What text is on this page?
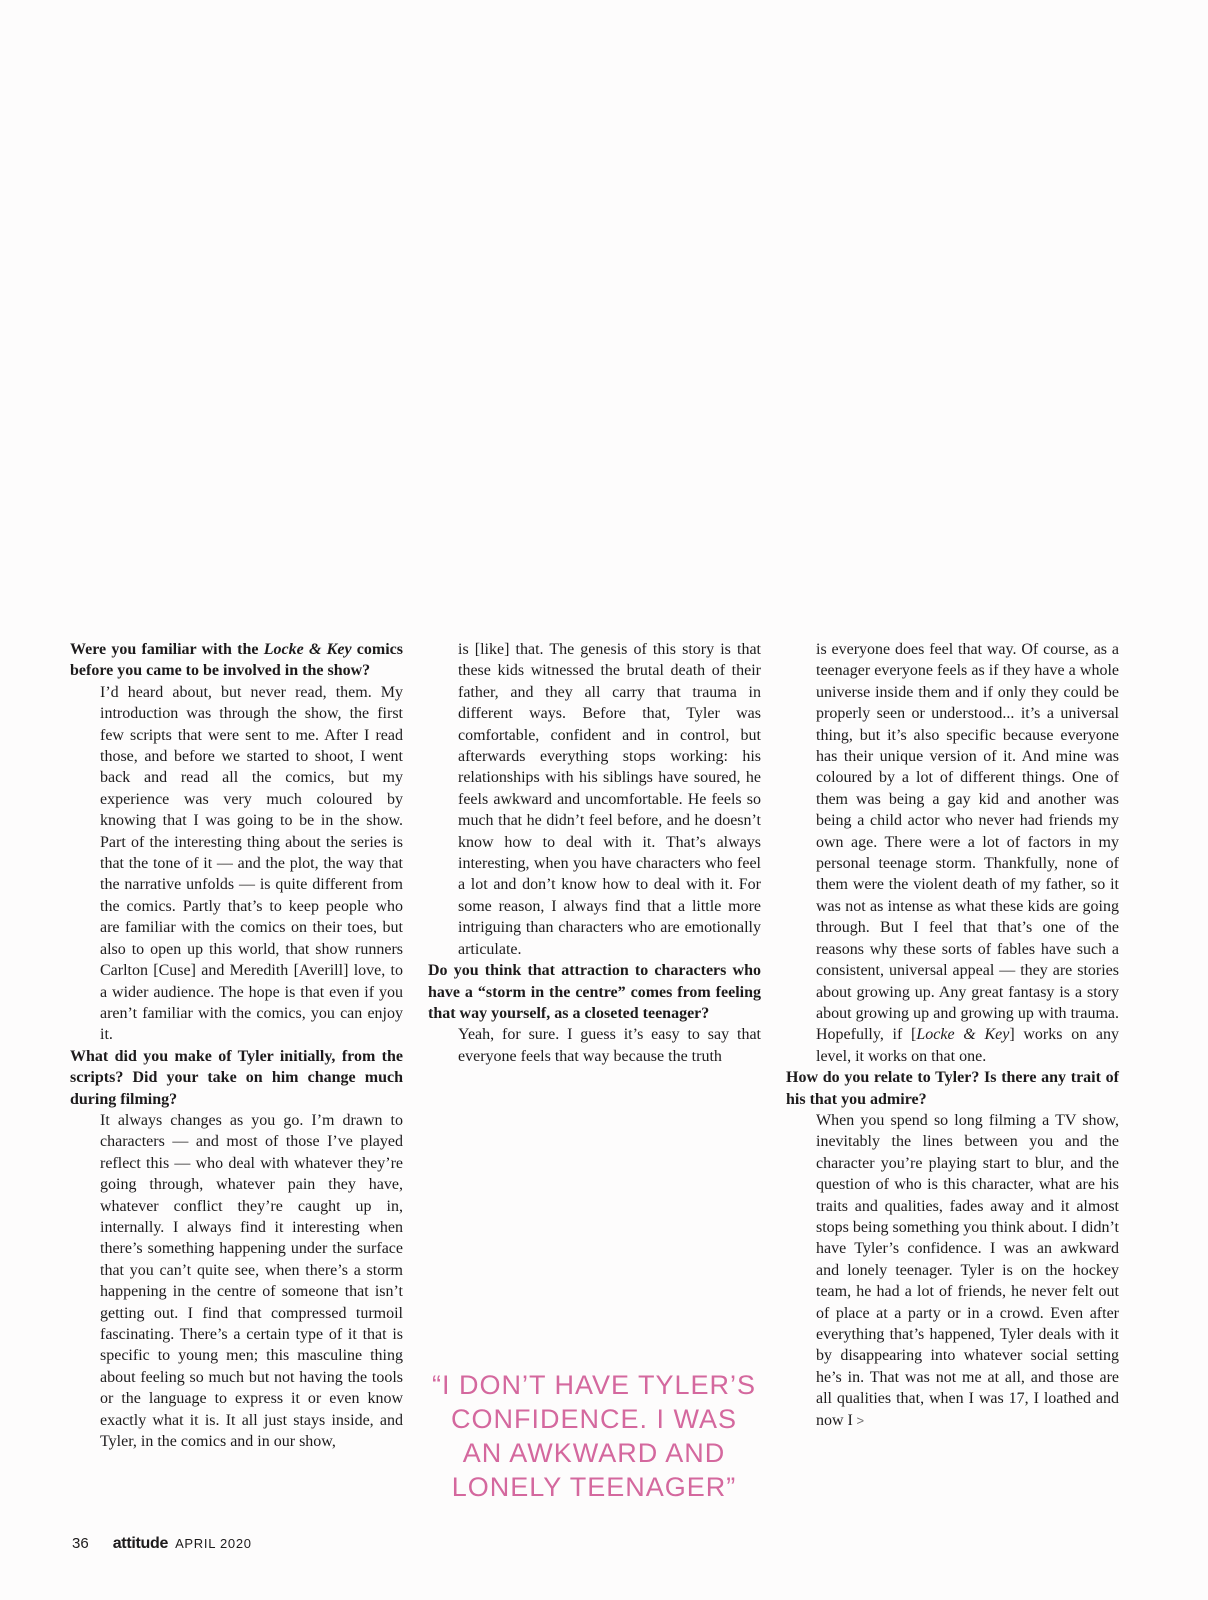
Were you familiar with the Locke & Key comics before you came to be involved in the show?

I’d heard about, but never read, them. My introduction was through the show, the first few scripts that were sent to me. After I read those, and before we started to shoot, I went back and read all the comics, but my experience was very much coloured by knowing that I was going to be in the show. Part of the interesting thing about the series is that the tone of it — and the plot, the way that the narrative unfolds — is quite different from the comics. Partly that’s to keep people who are familiar with the comics on their toes, but also to open up this world, that show runners Carlton [Cuse] and Meredith [Averill] love, to a wider audience. The hope is that even if you aren’t familiar with the comics, you can enjoy it.

What did you make of Tyler initially, from the scripts? Did your take on him change much during filming?

It always changes as you go. I’m drawn to characters — and most of those I’ve played reflect this — who deal with whatever they’re going through, whatever pain they have, whatever conflict they’re caught up in, internally. I always find it interesting when there’s something happening under the surface that you can’t quite see, when there’s a storm happening in the centre of someone that isn’t getting out. I find that compressed turmoil fascinating. There’s a certain type of it that is specific to young men; this masculine thing about feeling so much but not having the tools or the language to express it or even know exactly what it is. It all just stays inside, and Tyler, in the comics and in our show,

is [like] that. The genesis of this story is that these kids witnessed the brutal death of their father, and they all carry that trauma in different ways. Before that, Tyler was comfortable, confident and in control, but afterwards everything stops working: his relationships with his siblings have soured, he feels awkward and uncomfortable. He feels so much that he didn’t feel before, and he doesn’t know how to deal with it. That’s always interesting, when you have characters who feel a lot and don’t know how to deal with it. For some reason, I always find that a little more intriguing than characters who are emotionally articulate.

Do you think that attraction to characters who have a “storm in the centre” comes from feeling that way yourself, as a closeted teenager?

Yeah, for sure. I guess it’s easy to say that everyone feels that way because the truth

is everyone does feel that way. Of course, as a teenager everyone feels as if they have a whole universe inside them and if only they could be properly seen or understood... it’s a universal thing, but it’s also specific because everyone has their unique version of it. And mine was coloured by a lot of different things. One of them was being a gay kid and another was being a child actor who never had friends my own age. There were a lot of factors in my personal teenage storm. Thankfully, none of them were the violent death of my father, so it was not as intense as what these kids are going through. But I feel that that’s one of the reasons why these sorts of fables have such a consistent, universal appeal — they are stories about growing up. Any great fantasy is a story about growing up and growing up with trauma. Hopefully, if [Locke & Key] works on any level, it works on that one.

How do you relate to Tyler? Is there any trait of his that you admire?

When you spend so long filming a TV show, inevitably the lines between you and the character you’re playing start to blur, and the question of who is this character, what are his traits and qualities, fades away and it almost stops being something you think about. I didn’t have Tyler’s confidence. I was an awkward and lonely teenager. Tyler is on the hockey team, he had a lot of friends, he never felt out of place at a party or in a crowd. Even after everything that’s happened, Tyler deals with it by disappearing into whatever social setting he’s in. That was not me at all, and those are all qualities that, when I was 17, I loathed and now I >

“I DON’T HAVE TYLER’S
CONFIDENCE. I WAS
AN AWKWARD AND
LONELY TEENAGER”
36 attitude APRIL 2020
